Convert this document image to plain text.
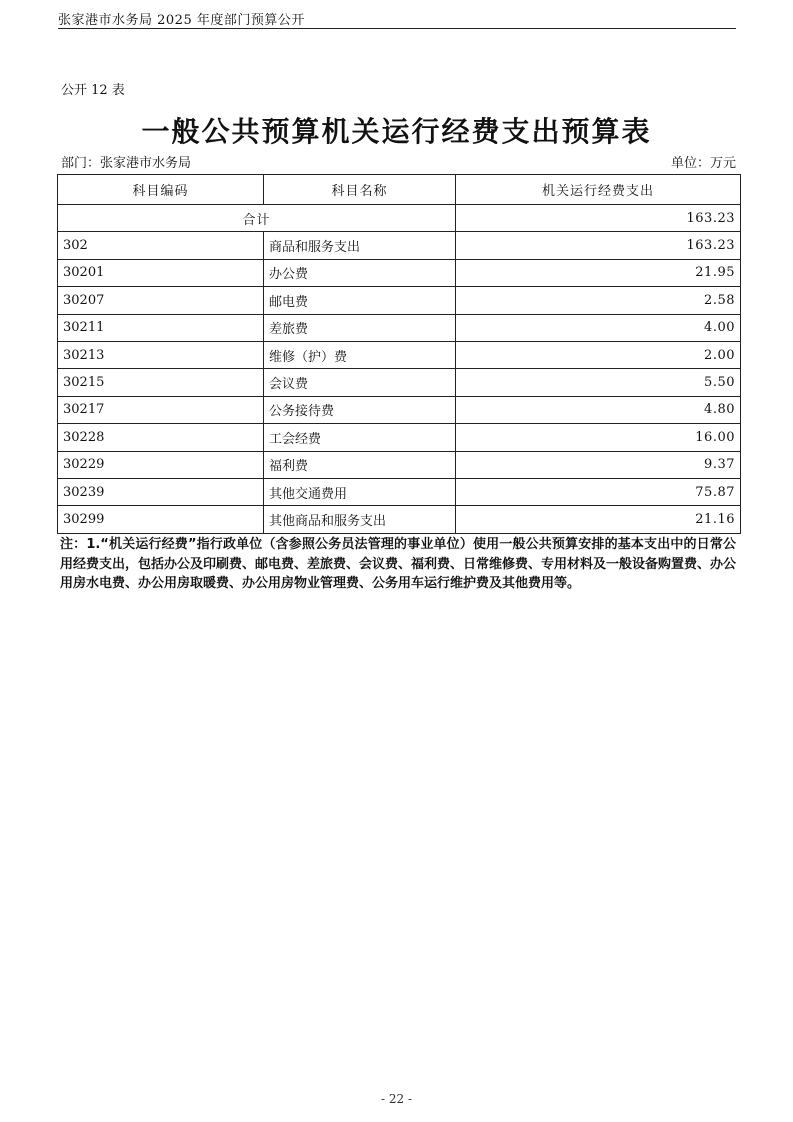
张家港市水务局 2025 年度部门预算公开
公开 12 表
一般公共预算机关运行经费支出预算表
部门：张家港市水务局	单位：万元
科目编码	科目名称	机关运行经费支出
合计		163.23
302	商品和服务支出	163.23
30201	办公费	21.95
30207	邮电费	2.58
30211	差旅费	4.00
30213	维修（护）费	2.00
30215	会议费	5.50
30217	公务接待费	4.80
30228	工会经费	16.00
30229	福利费	9.37
30239	其他交通费用	75.87
30299	其他商品和服务支出	21.16
注：1.“机关运行经费”指行政单位（含参照公务员法管理的事业单位）使用一般公共预算安排的基本支出中的日常公用经费支出，包括办公及印刷费、邮电费、差旅费、会议费、福利费、日常维修费、专用材料及一般设备购置费、办公用房水电费、办公用房取暖费、办公用房物业管理费、公务用车运行维护费及其他费用等。
- 22 -
